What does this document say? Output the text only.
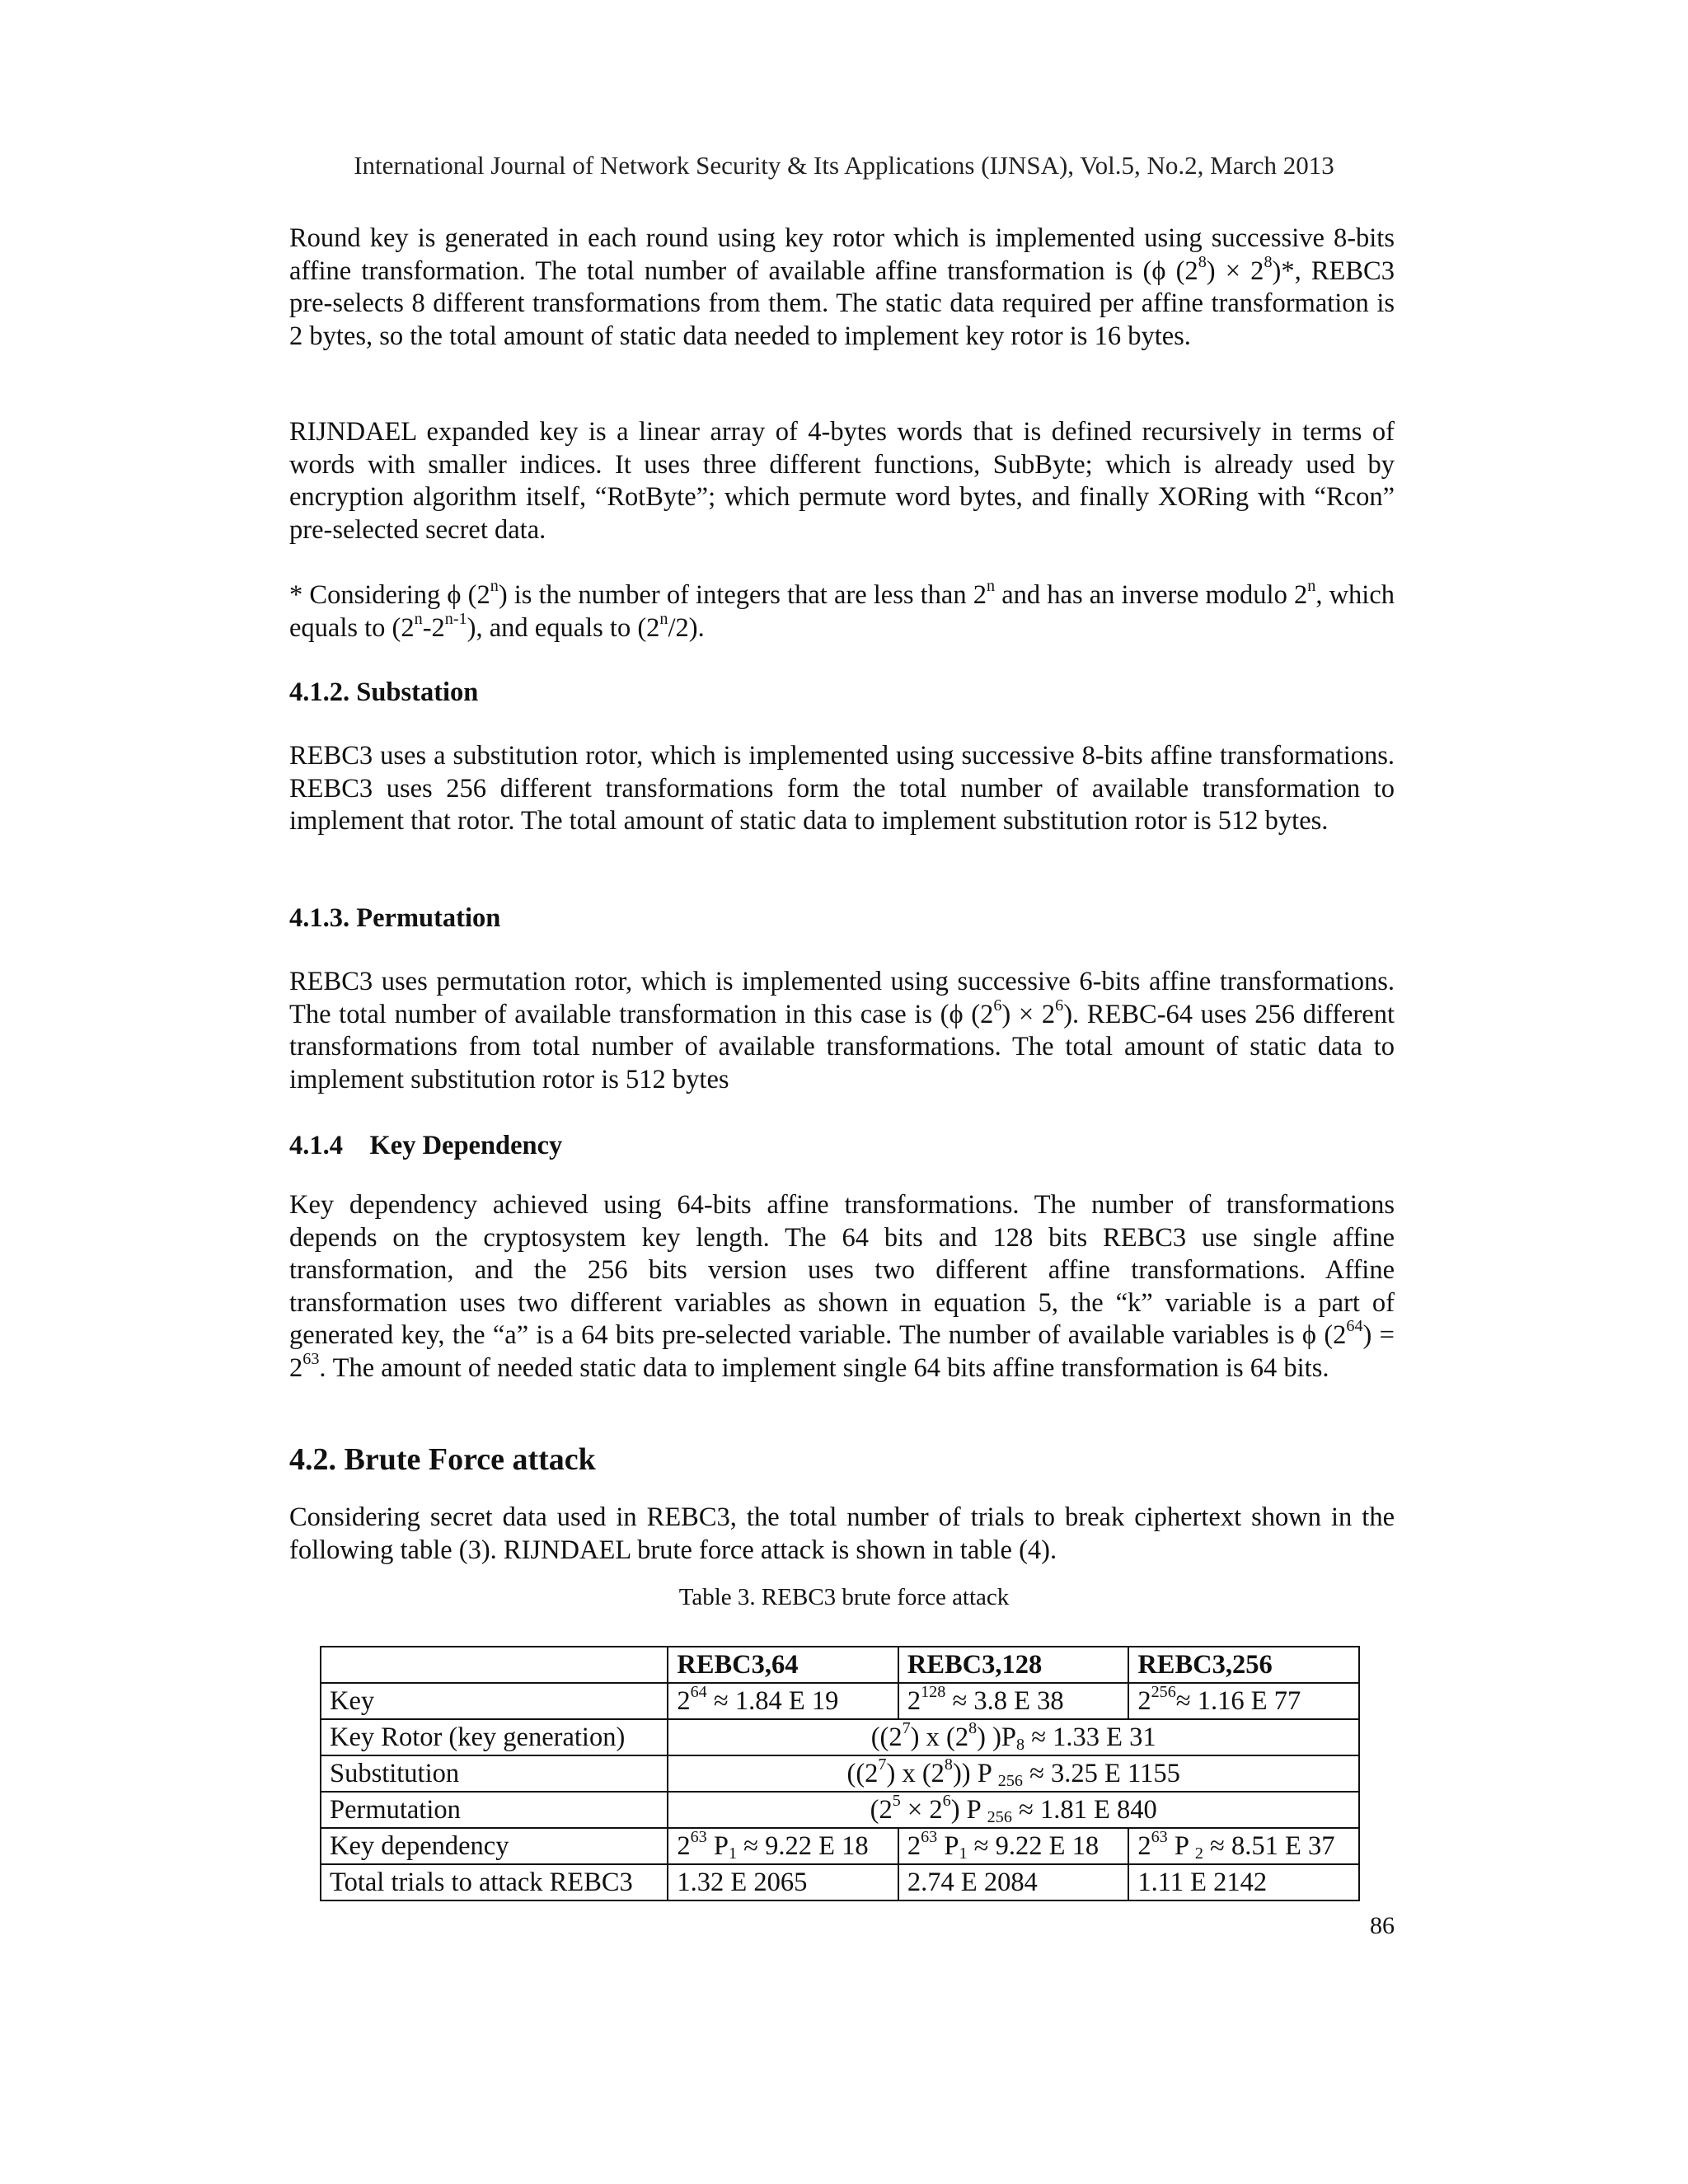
International Journal of Network Security & Its Applications (IJNSA), Vol.5, No.2, March 2013

Round key is generated in each round using key rotor which is implemented using successive 8-bits affine transformation. The total number of available affine transformation is (ϕ $(2^8) \times 2^8)*$, REBC3 pre-selects 8 different transformations from them. The static data required per affine transformation is 2 bytes, so the total amount of static data needed to implement key rotor is 16 bytes.

RIJNDAEL expanded key is a linear array of 4-bytes words that is defined recursively in terms of words with smaller indices. It uses three different functions, SubByte; which is already used by encryption algorithm itself, “RotByte”; which permute word bytes, and finally XORing with “Rcon” pre-selected secret data.

* Considering ϕ (2$^n$) is the number of integers that are less than 2$^n$ and has an inverse modulo 2$^n$, which equals to (2$^n$-2$^{n-1}$), and equals to (2$^n$/2).

4.1.2. Substation

REBC3 uses a substitution rotor, which is implemented using successive 8-bits affine transformations. REBC3 uses 256 different transformations form the total number of available transformation to implement that rotor. The total amount of static data to implement substitution rotor is 512 bytes.

4.1.3. Permutation

REBC3 uses permutation rotor, which is implemented using successive 6-bits affine transformations. The total number of available transformation in this case is (ϕ $(2^6) \times 2^6$). REBC-64 uses 256 different transformations from total number of available transformations. The total amount of static data to implement substitution rotor is 512 bytes

4.1.4    Key Dependency

Key dependency achieved using 64-bits affine transformations. The number of transformations depends on the cryptosystem key length. The 64 bits and 128 bits REBC3 use single affine transformation, and the 256 bits version uses two different affine transformations. Affine transformation uses two different variables as shown in equation 5, the “k” variable is a part of generated key, the “a” is a 64 bits pre-selected variable. The number of available variables is ϕ $(2^{64}) = 2^{63}$. The amount of needed static data to implement single 64 bits affine transformation is 64 bits.

4.2. Brute Force attack

Considering secret data used in REBC3, the total number of trials to break ciphertext shown in the following table (3). RIJNDAEL brute force attack is shown in table (4).

Table 3. REBC3 brute force attack
	REBC3,64	REBC3,128	REBC3,256
Key	$2^{64} \approx 1.84$ E 19	$2^{128} \approx 3.8$ E 38	$2^{256}\approx 1.16$ E 77
Key Rotor (key generation)	($(2^7)$ x $(2^8) )P_8 \approx 1.33$ E 31		
Substitution	($(2^7)$ x $(2^8)$) P $_{256}$ ≈ 3.25 E 1155		
Permutation	$(2^5 \times 2^6)$ P $_{256}$ ≈ 1.81 E 840		
Key dependency	$2^{63}$ $P_1 \approx 9.22$ E 18	$2^{63}$ $P_1 \approx 9.22$ E 18	$2^{63}$ P $_2$ ≈ 8.51 E 37
Total trials to attack REBC3	1.32 E 2065	2.74 E 2084	1.11 E 2142
86
